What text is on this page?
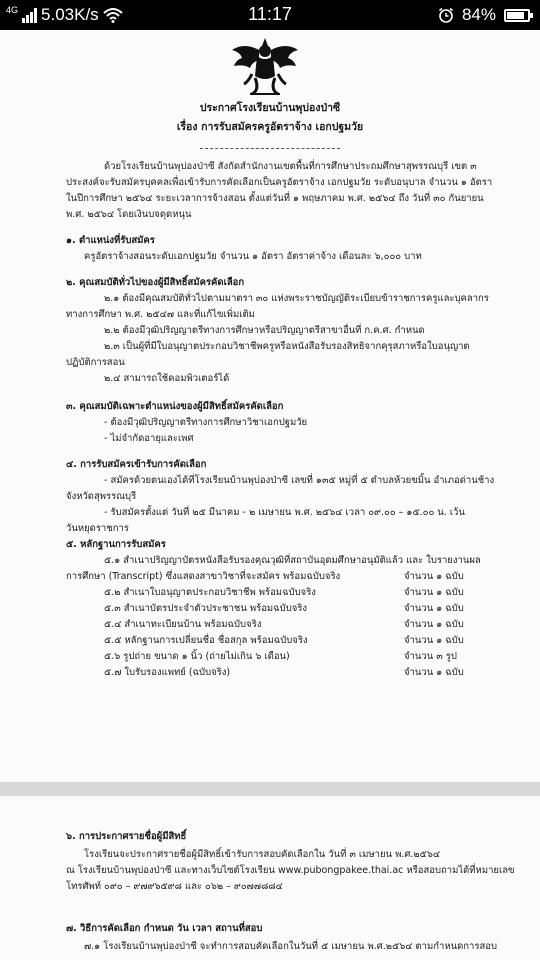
4G 5.03K/s	11:17	84%
ประกาศโรงเรียนบ้านพุบ่องป่าซี
เรื่อง การรับสมัครครูอัตราจ้าง เอกปฐมวัย
ด้วยโรงเรียนบ้านพุบ่องป่าซี สังกัดสำนักงานเขตพื้นที่การศึกษาประถมศึกษาสุพรรณบุรี เขต ๓
ประสงค์จะรับสมัครบุคคลเพื่อเข้ารับการคัดเลือกเป็นครูอัตราจ้าง เอกปฐมวัย ระดับอนุบาล จำนวน ๑ อัตรา
ในปีการศึกษา ๒๕๖๔ ระยะเวลาการจ้างสอน ตั้งแต่วันที่ ๑ พฤษภาคม พ.ศ. ๒๕๖๔ ถึง วันที่ ๓๐ กันยายน
พ.ศ. ๒๕๖๔ โดยเงินบจดุดหนุน
๑. ตำแหน่งที่รับสมัคร
ครูอัตราจ้างสอนระดับเอกปฐมวัย จำนวน ๑ อัตรา อัตราค่าจ้าง เดือนละ ๖,๐๐๐ บาท
๒. คุณสมบัติทั่วไปของผู้มีสิทธิ์สมัครคัดเลือก
๒.๑ ต้องมีคุณสมบัติทั่วไปตามมาตรา ๓๐ แห่งพระราชบัญญัติระเบียบข้าราชการครูและบุคลากร
ทางการศึกษา พ.ศ. ๒๕๔๗ และที่แก้ไขเพิ่มเติม
๒.๒ ต้องมีวุฒิปริญญาตรีทางการศึกษาหรือปริญญาตรีสาขาอื่นที่ ก.ค.ศ. กำหนด
๒.๓ เป็นผู้ที่มีใบอนุญาตประกอบวิชาชีพครูหรือหนังสือรับรองสิทธิจากคุรุสภาหรือใบอนุญาต
ปฏิบัติการสอน
๒.๔ สามารถใช้คอมพิวเตอร์ได้
๓. คุณสมบัติเฉพาะตำแหน่งของผู้มีสิทธิ์สมัครคัดเลือก
- ต้องมีวุฒิปริญญาตรีทางการศึกษาวิชาเอกปฐมวัย
- ไม่จำกัดอายุและเพศ
๔. การรับสมัครเข้ารับการคัดเลือก
- สมัครด้วยตนเองได้ที่โรงเรียนบ้านพุบ่องป่าซี เลขที่ ๑๓๕ หมู่ที่ ๕ ตำบลห้วยขมิ้น อำเภอด่านช้าง
จังหวัดสุพรรณบุรี
- รับสมัครตั้งแต่ วันที่ ๒๕ มีนาคม - ๒ เมษายน พ.ศ. ๒๕๖๔ เวลา ๐๙.๐๐ – ๑๕.๐๐ น. เว้น
วันหยุดราชการ
๕. หลักฐานการรับสมัคร
๕.๑ สำเนาปริญญาบัตรหนังสือรับรองคุณวุฒิที่สถาบันอุดมศึกษาอนุมัติแล้ว และ ใบรายงานผล
การศึกษา (Transcript) ซึ่งแสดงสาขาวิชาที่จะสมัคร พร้อมฉบับจริง
๕.๒ สำเนาใบอนุญาตประกอบวิชาชีพ พร้อมฉบับจริง
๕.๓ สำเนาบัตรประจำตัวประชาชน พร้อมฉบับจริง
๕.๔ สำเนาทะเบียนบ้าน พร้อมฉบับจริง
๕.๕ หลักฐานการเปลี่ยนชื่อ ชื่อสกุล พร้อมฉบับจริง
๕.๖ รูปถ่าย ขนาด ๑ นิ้ว (ถ่ายไม่เกิน ๖ เดือน)
๕.๗ ใบรับรองแพทย์ (ฉบับจริง)
จำนวน ๑ ฉบับ
จำนวน ๑ ฉบับ
จำนวน ๑ ฉบับ
จำนวน ๑ ฉบับ
จำนวน ๑ ฉบับ
จำนวน ๓ รูป
จำนวน ๑ ฉบับ
๖. การประกาศรายชื่อผู้มีสิทธิ์
โรงเรียนจะประกาศรายชื่อผู้มีสิทธิ์เข้ารับการสอบคัดเลือกใน วันที่ ๓ เมษายน พ.ศ.๒๕๖๔
ณ โรงเรียนบ้านพุบ่องป่าซี และทางเว็บไซต์โรงเรียน www.pubongpakee.thai.ac หรือสอบถามได้ที่หมายเลข
โทรศัพท์ ๐๙๐ – ๙๗๙๖๕๙๘ และ ๐๖๒ – ๙๐๗๗๘๘๔
๗. วิธีการคัดเลือก กำหนด วัน เวลา สถานที่สอบ
๗.๑ โรงเรียนบ้านพุบ่องป่าซี จะทำการสอบคัดเลือกในวันที่ ๕ เมษายน พ.ศ.๒๕๖๔ ตามกำหนดการสอบ
